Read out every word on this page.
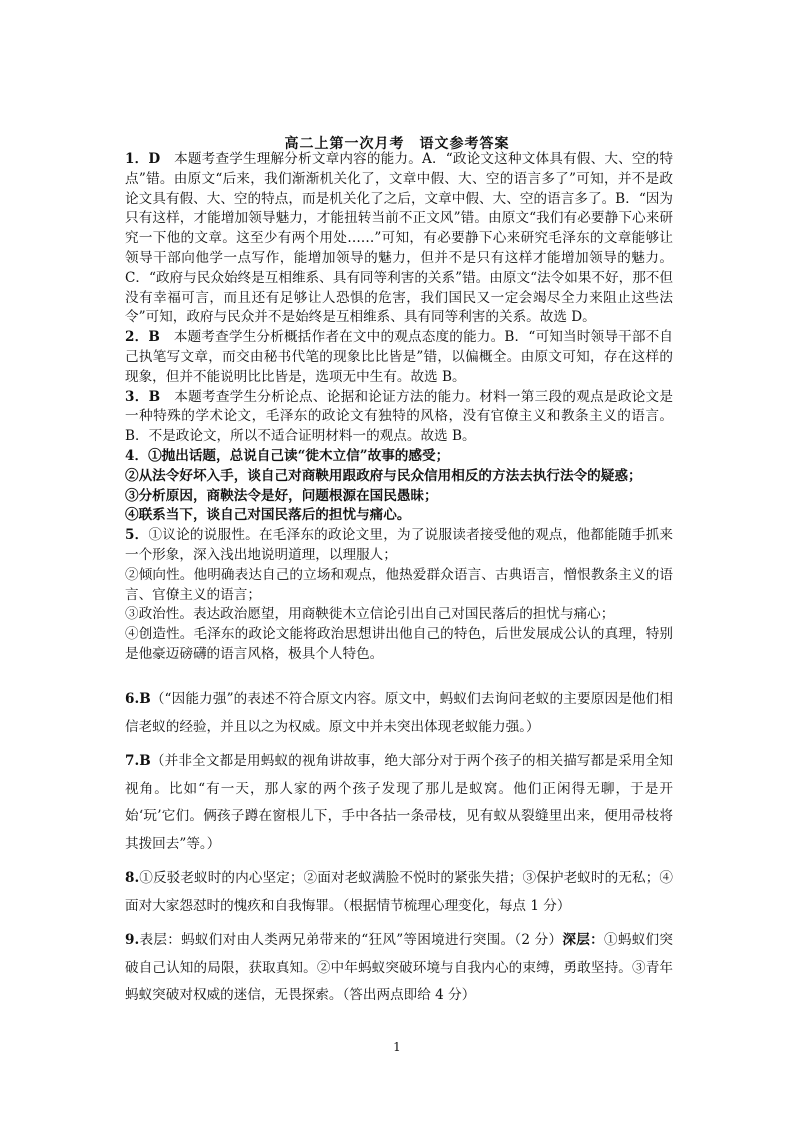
高二上第一次月考　语文参考答案

1．D　本题考查学生理解分析文章内容的能力。A．“政论文这种文体具有假、大、空的特点”错。由原文“后来，我们渐渐机关化了，文章中假、大、空的语言多了”可知，并不是政论文具有假、大、空的特点，而是机关化了之后，文章中假、大、空的语言多了。B．“因为只有这样，才能增加领导魅力，才能扭转当前不正文风”错。由原文“我们有必要静下心来研究一下他的文章。这至少有两个用处……”可知，有必要静下心来研究毛泽东的文章能够让领导干部向他学一点写作，能增加领导的魅力，但并不是只有这样才能增加领导的魅力。C．“政府与民众始终是互相维系、具有同等利害的关系”错。由原文“法令如果不好，那不但没有幸福可言，而且还有足够让人恐惧的危害，我们国民又一定会竭尽全力来阻止这些法令”可知，政府与民众并不是始终是互相维系、具有同等利害的关系。故选 D。

2．B　本题考查学生分析概括作者在文中的观点态度的能力。B．“可知当时领导干部不自己执笔写文章，而交由秘书代笔的现象比比皆是”错，以偏概全。由原文可知，存在这样的现象，但并不能说明比比皆是，选项无中生有。故选 B。

3．B　本题考查学生分析论点、论据和论证方法的能力。材料一第三段的观点是政论文是一种特殊的学术论文，毛泽东的政论文有独特的风格，没有官僚主义和教条主义的语言。B．不是政论文，所以不适合证明材料一的观点。故选 B。

4．①抛出话题，总说自己读“徙木立信”故事的感受；

②从法令好坏入手，谈自己对商鞅用跟政府与民众信用相反的方法去执行法令的疑惑；

③分析原因，商鞅法令是好，问题根源在国民愚昧；

④联系当下，谈自己对国民落后的担忧与痛心。

5．①议论的说服性。在毛泽东的政论文里，为了说服读者接受他的观点，他都能随手抓来一个形象，深入浅出地说明道理，以理服人；

②倾向性。他明确表达自己的立场和观点，他热爱群众语言、古典语言，憎恨教条主义的语言、官僚主义的语言；

③政治性。表达政治愿望，用商鞅徙木立信论引出自己对国民落后的担忧与痛心；

④创造性。毛泽东的政论文能将政治思想讲出他自己的特色，后世发展成公认的真理，特别是他豪迈磅礴的语言风格，极具个人特色。

6.B（“因能力强”的表述不符合原文内容。原文中，蚂蚁们去询问老蚁的主要原因是他们相信老蚁的经验，并且以之为权威。原文中并未突出体现老蚁能力强。）

7.B（并非全文都是用蚂蚁的视角讲故事，绝大部分对于两个孩子的相关描写都是采用全知视角。比如“有一天，那人家的两个孩子发现了那儿是蚁窝。他们正闲得无聊，于是开始‘玩’它们。俩孩子蹲在窗根儿下，手中各拈一条帚枝，见有蚁从裂缝里出来，便用帚枝将其拨回去”等。）

8.①反驳老蚁时的内心坚定；②面对老蚁满脸不悦时的紧张失措；③保护老蚁时的无私；④面对大家怨怼时的愧疚和自我悔罪。（根据情节梳理心理变化，每点 1 分）

9.表层：蚂蚁们对由人类两兄弟带来的“狂风”等困境进行突围。（2 分）深层：①蚂蚁们突破自己认知的局限，获取真知。②中年蚂蚁突破环境与自我内心的束缚，勇敢坚持。③青年蚂蚁突破对权威的迷信，无畏探索。（答出两点即给 4 分）

1
